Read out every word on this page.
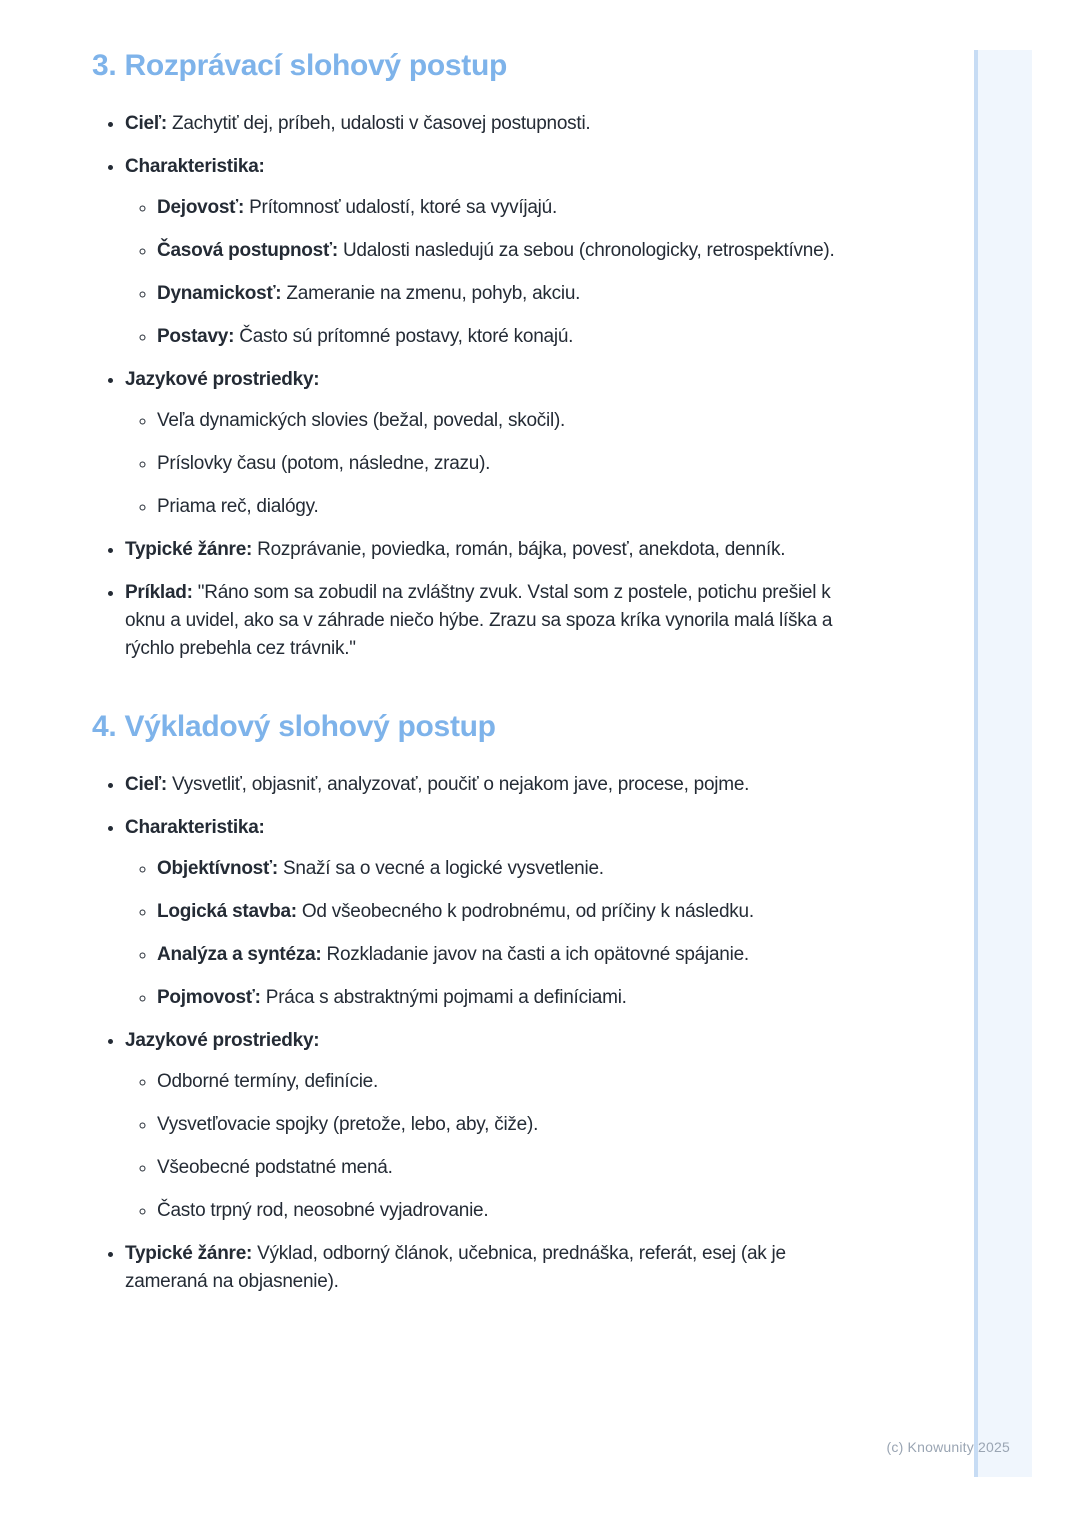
3. Rozprávací slohový postup
• Cieľ: Zachytiť dej, príbeh, udalosti v časovej postupnosti.
• Charakteristika:
◦ Dejovosť: Prítomnosť udalostí, ktoré sa vyvíjajú.
◦ Časová postupnosť: Udalosti nasledujú za sebou (chronologicky, retrospektívne).
◦ Dynamickosť: Zameranie na zmenu, pohyb, akciu.
◦ Postavy: Často sú prítomné postavy, ktoré konajú.
• Jazykové prostriedky:
◦ Veľa dynamických slovies (bežal, povedal, skočil).
◦ Príslovky času (potom, následne, zrazu).
◦ Priama reč, dialógy.
• Typické žánre: Rozprávanie, poviedka, román, bájka, povesť, anekdota, denník.
• Príklad: "Ráno som sa zobudil na zvláštny zvuk. Vstal som z postele, potichu prešiel k oknu a uvidel, ako sa v záhrade niečo hýbe. Zrazu sa spoza kríka vynorila malá líška a rýchlo prebehla cez trávnik."
4. Výkladový slohový postup
• Cieľ: Vysvetliť, objasniť, analyzovať, poučiť o nejakom jave, procese, pojme.
• Charakteristika:
◦ Objektívnosť: Snaží sa o vecné a logické vysvetlenie.
◦ Logická stavba: Od všeobecného k podrobnému, od príčiny k následku.
◦ Analýza a syntéza: Rozkladanie javov na časti a ich opätovné spájanie.
◦ Pojmovosť: Práca s abstraktnými pojmami a definíciami.
• Jazykové prostriedky:
◦ Odborné termíny, definície.
◦ Vysvetľovacie spojky (pretože, lebo, aby, čiže).
◦ Všeobecné podstatné mená.
◦ Často trpný rod, neosobné vyjadrovanie.
• Typické žánre: Výklad, odborný článok, učebnica, prednáška, referát, esej (ak je zameraná na objasnenie).
(c) Knowunity 2025
